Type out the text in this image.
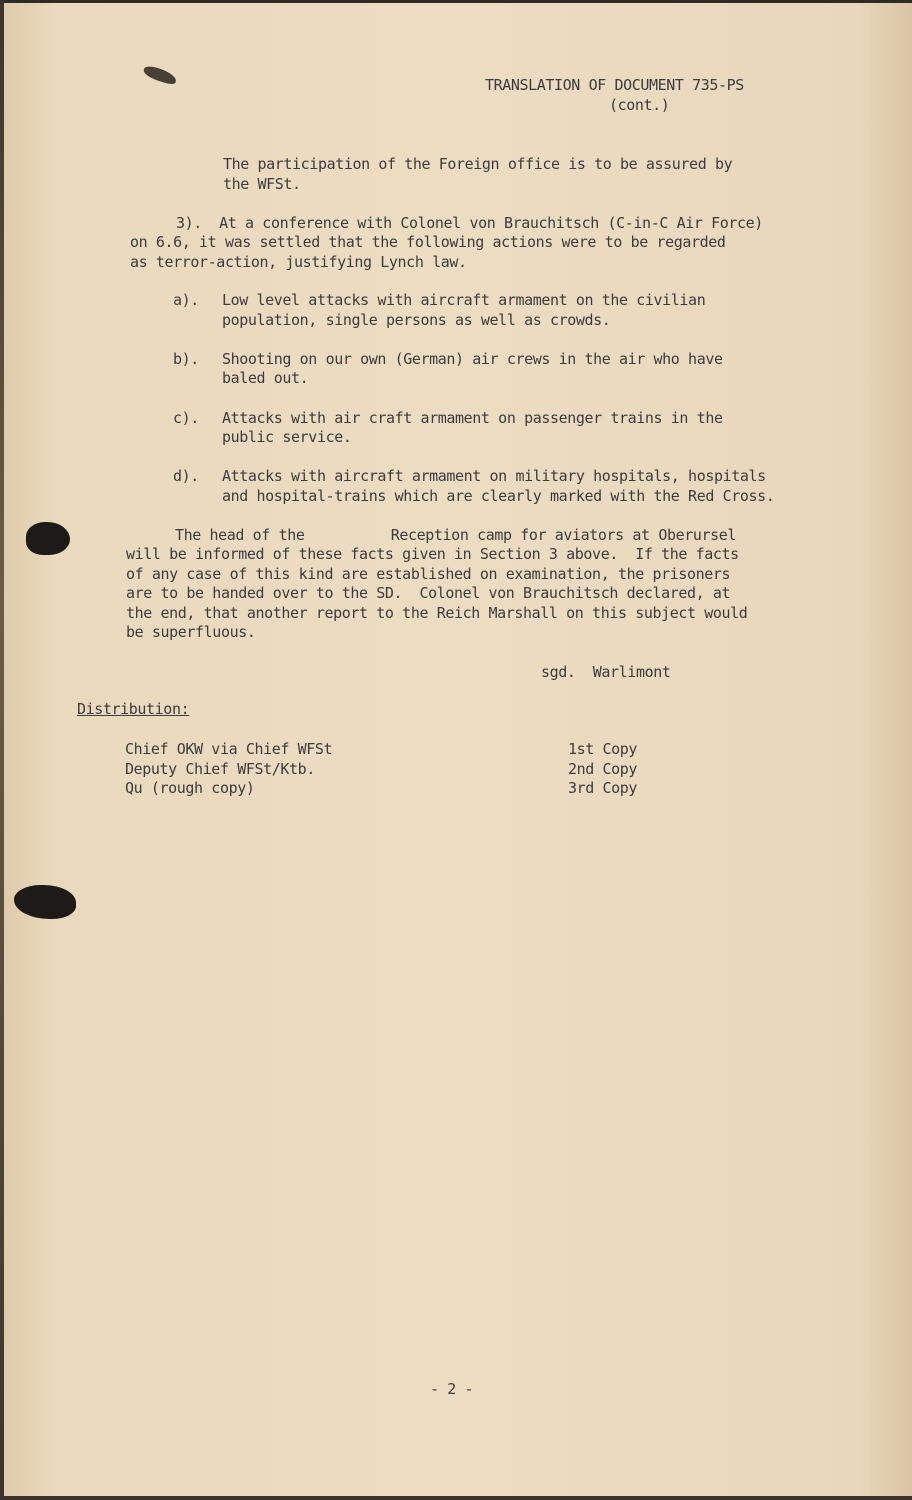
TRANSLATION OF DOCUMENT 735-PS
(cont.)
The participation of the Foreign office is to be assured by
the WFSt.
3).  At a conference with Colonel von Brauchitsch (C-in-C Air Force)
on 6.6, it was settled that the following actions were to be regarded
as terror-action, justifying Lynch law.
a). Low level attacks with aircraft armament on the civilian
population, single persons as well as crowds.
b). Shooting on our own (German) air crews in the air who have
baled out.
c). Attacks with air craft armament on passenger trains in the
public service.
d). Attacks with aircraft armament on military hospitals, hospitals
and hospital-trains which are clearly marked with the Red Cross.
The head of the          Reception camp for aviators at Oberursel
will be informed of these facts given in Section 3 above.  If the facts
of any case of this kind are established on examination, the prisoners
are to be handed over to the SD.  Colonel von Brauchitsch declared, at
the end, that another report to the Reich Marshall on this subject would
be superfluous.
sgd.  Warlimont
Distribution:
Chief OKW via Chief WFSt	1st Copy
Deputy Chief WFSt/Ktb.	2nd Copy
Qu (rough copy)	3rd Copy
- 2 -
